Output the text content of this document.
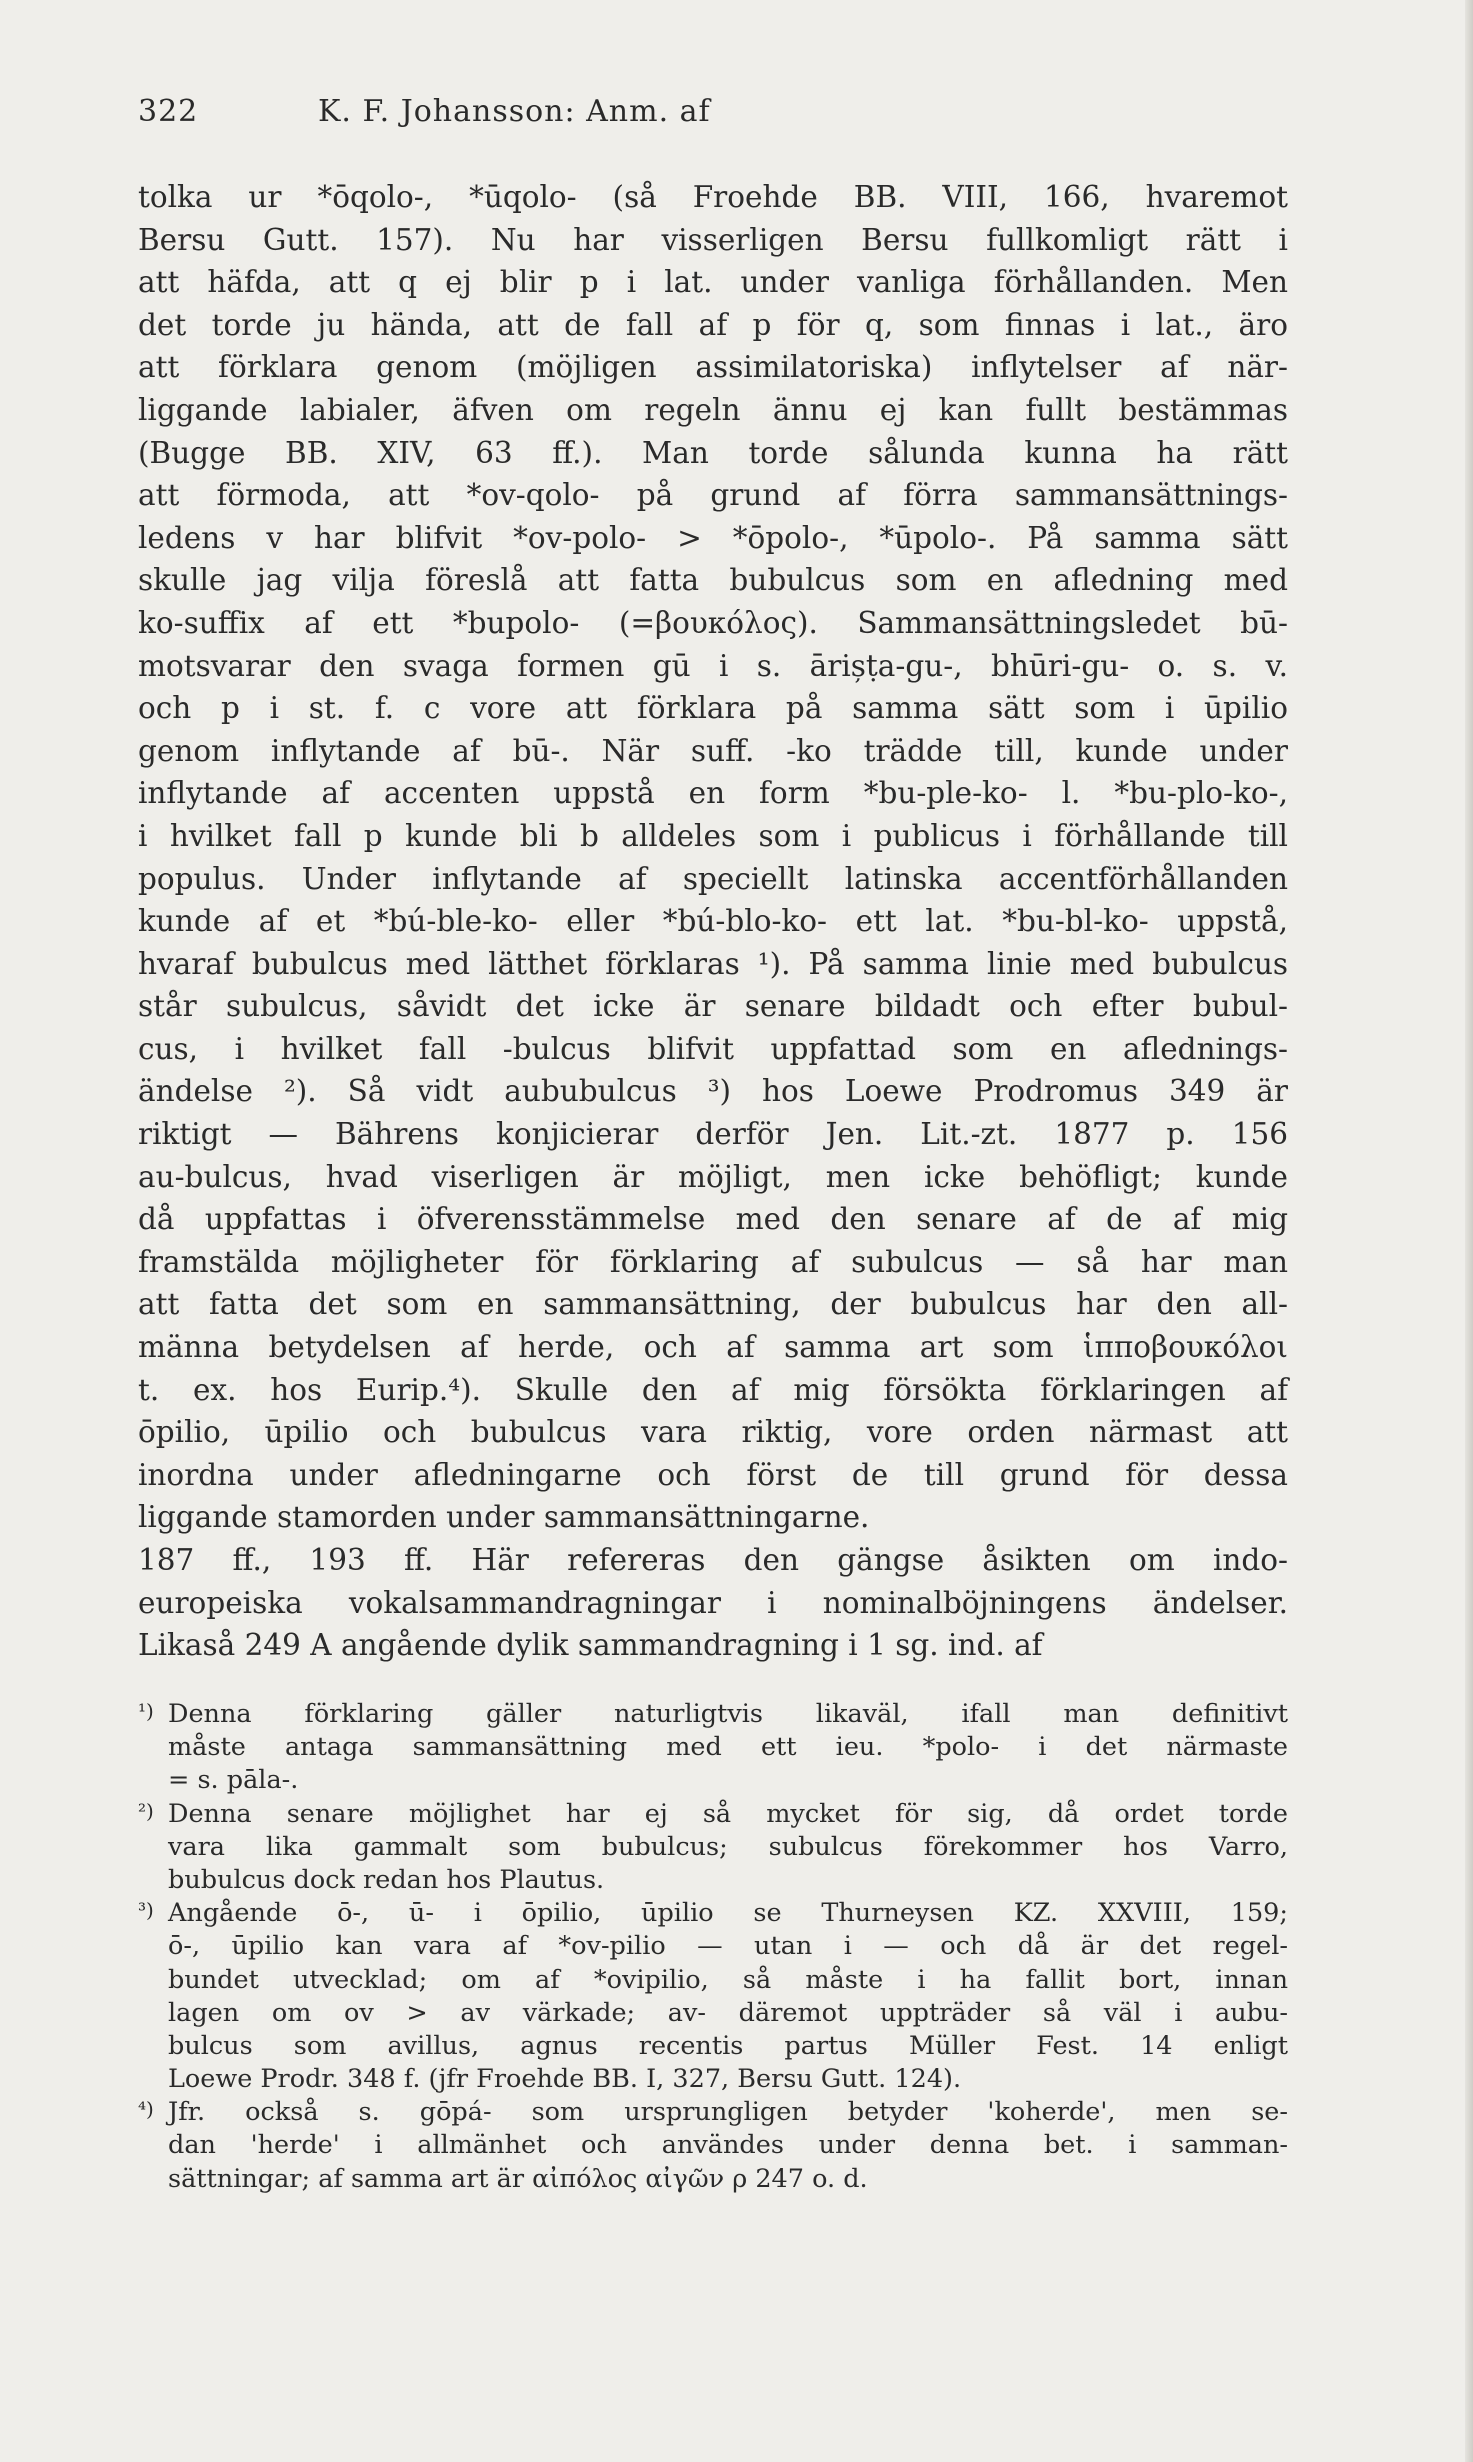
322	K. F. Johansson: Anm. af
tolka ur *ōqolo-, *ūqolo- (så Froehde BB. VIII, 166, hvaremot
Bersu Gutt. 157). Nu har visserligen Bersu fullkomligt rätt i
att häfda, att q ej blir p i lat. under vanliga förhållanden. Men
det torde ju hända, att de fall af p för q, som finnas i lat., äro
att förklara genom (möjligen assimilatoriska) inflytelser af när-
liggande labialer, äfven om regeln ännu ej kan fullt bestämmas
(Bugge BB. XIV, 63 ff.). Man torde sålunda kunna ha rätt
att förmoda, att *ov-qolo- på grund af förra sammansättnings-
ledens v har blifvit *ov-polo- > *ōpolo-, *ūpolo-. På samma sätt
skulle jag vilja föreslå att fatta bubulcus som en afledning med
ko-suffix af ett *bupolo- (=βουκόλος). Sammansättningsledet bū-
motsvarar den svaga formen gū i s. ārișṭa-gu-, bhūri-gu- o. s. v.
och p i st. f. c vore att förklara på samma sätt som i ūpilio
genom inflytande af bū-. När suff. -ko trädde till, kunde under
inflytande af accenten uppstå en form *bu-ple-ko- l. *bu-plo-ko-,
i hvilket fall p kunde bli b alldeles som i publicus i förhållande till
populus. Under inflytande af speciellt latinska accentförhållanden
kunde af et *bú-ble-ko- eller *bú-blo-ko- ett lat. *bu-bl-ko- uppstå,
hvaraf bubulcus med lätthet förklaras ¹). På samma linie med bubulcus
står subulcus, såvidt det icke är senare bildadt och efter bubul-
cus, i hvilket fall -bulcus blifvit uppfattad som en aflednings-
ändelse ²). Så vidt aububulcus ³) hos Loewe Prodromus 349 är
riktigt — Bährens konjicierar derför Jen. Lit.-zt. 1877 p. 156
au-bulcus, hvad viserligen är möjligt, men icke behöfligt; kunde
då uppfattas i öfverensstämmelse med den senare af de af mig
framstälda möjligheter för förklaring af subulcus — så har man
att fatta det som en sammansättning, der bubulcus har den all-
männa betydelsen af herde, och af samma art som ἱπποβουκόλοι
t. ex. hos Eurip.⁴). Skulle den af mig försökta förklaringen af
ōpilio, ūpilio och bubulcus vara riktig, vore orden närmast att
inordna under afledningarne och först de till grund för dessa
liggande stamorden under sammansättningarne.
187 ff., 193 ff. Här refereras den gängse åsikten om indo-
europeiska vokalsammandragningar i nominalböjningens ändelser.
Likaså 249 A angående dylik sammandragning i 1 sg. ind. af
¹) Denna förklaring gäller naturligtvis likaväl, ifall man definitivt
måste antaga sammansättning med ett ieu. *polo- i det närmaste
= s. pāla-.
²) Denna senare möjlighet har ej så mycket för sig, då ordet torde
vara lika gammalt som bubulcus; subulcus förekommer hos Varro,
bubulcus dock redan hos Plautus.
³) Angående ō-, ū- i ōpilio, ūpilio se Thurneysen KZ. XXVIII, 159;
ō-, ūpilio kan vara af *ov-pilio — utan i — och då är det regel-
bundet utvecklad; om af *ovipilio, så måste i ha fallit bort, innan
lagen om ov > av värkade; av- däremot uppträder så väl i aubu-
bulcus som avillus, agnus recentis partus Müller Fest. 14 enligt
Loewe Prodr. 348 f. (jfr Froehde BB. I, 327, Bersu Gutt. 124).
⁴) Jfr. också s. gōpá- som ursprungligen betyder 'koherde', men se-
dan 'herde' i allmänhet och användes under denna bet. i samman-
sättningar; af samma art är αἰπόλος αἰγῶν ρ 247 o. d.
